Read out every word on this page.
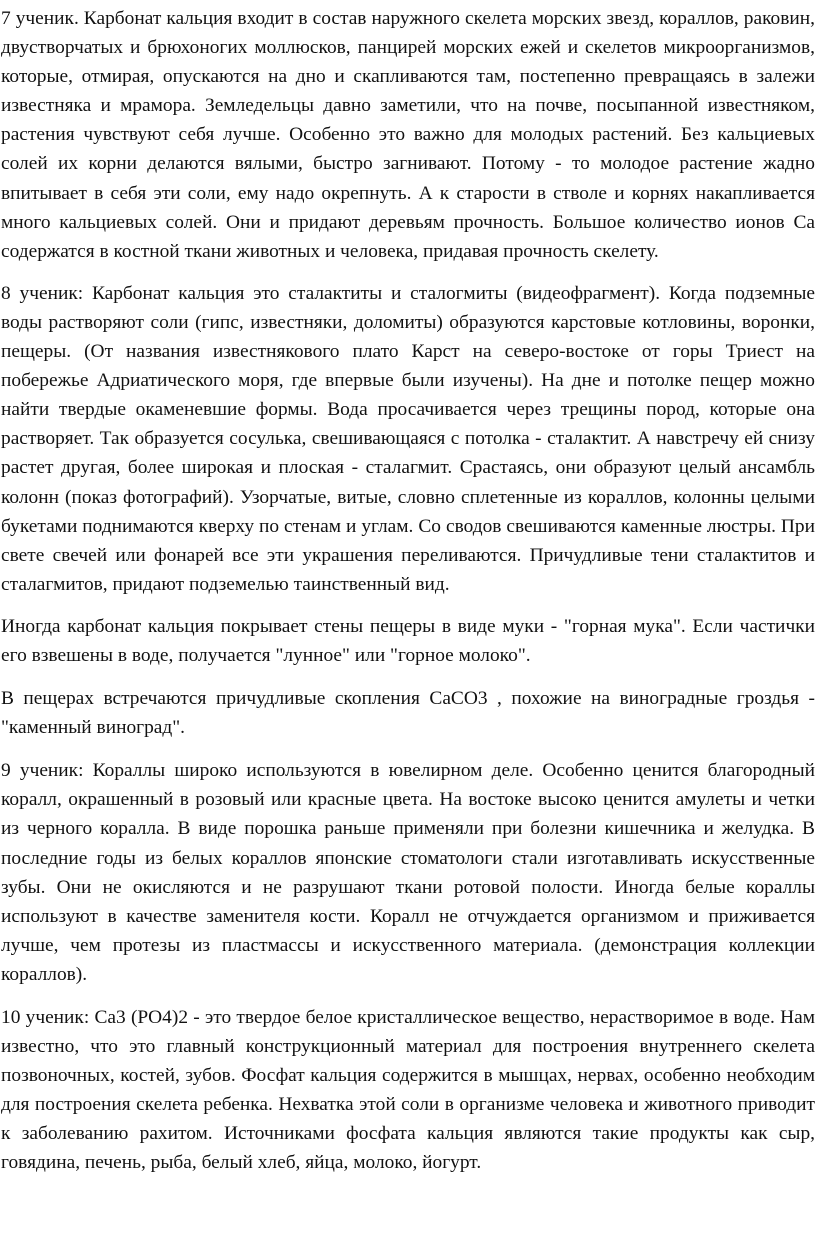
7 ученик. Карбонат кальция входит в состав наружного скелета морских звезд, кораллов, раковин, двустворчатых и брюхоногих моллюсков, панцирей морских ежей и скелетов микроорганизмов, которые, отмирая, опускаются на дно и скапливаются там, постепенно превращаясь в залежи известняка и мрамора. Земледельцы давно заметили, что на почве, посыпанной известняком, растения чувствуют себя лучше. Особенно это важно для молодых растений. Без кальциевых солей их корни делаются вялыми, быстро загнивают. Потому - то молодое растение жадно впитывает в себя эти соли, ему надо окрепнуть. А к старости в стволе и корнях накапливается много кальциевых солей. Они и придают деревьям прочность. Большое количество ионов Ca содержатся в костной ткани животных и человека, придавая прочность скелету.

8 ученик: Карбонат кальция это сталактиты и сталогмиты (видеофрагмент). Когда подземные воды растворяют соли (гипс, известняки, доломиты) образуются карстовые котловины, воронки, пещеры. (От названия известнякового плато Карст на северо-востоке от горы Триест на побережье Адриатического моря, где впервые были изучены). На дне и потолке пещер можно найти твердые окаменевшие формы. Вода просачивается через трещины пород, которые она растворяет. Так образуется сосулька, свешивающаяся с потолка - сталактит. А навстречу ей снизу растет другая, более широкая и плоская - сталагмит. Срастаясь, они образуют целый ансамбль колонн (показ фотографий). Узорчатые, витые, словно сплетенные из кораллов, колонны целыми букетами поднимаются кверху по стенам и углам. Со сводов свешиваются каменные люстры. При свете свечей или фонарей все эти украшения переливаются. Причудливые тени сталактитов и сталагмитов, придают подземелью таинственный вид.

Иногда карбонат кальция покрывает стены пещеры в виде муки - "горная мука". Если частички его взвешены в воде, получается "лунное" или "горное молоко".

В пещерах встречаются причудливые скопления CaCO3 , похожие на виноградные гроздья - "каменный виноград".

9 ученик: Кораллы широко используются в ювелирном деле. Особенно ценится благородный коралл, окрашенный в розовый или красные цвета. На востоке высоко ценится амулеты и четки из черного коралла. В виде порошка раньше применяли при болезни кишечника и желудка. В последние годы из белых кораллов японские стоматологи стали изготавливать искусственные зубы. Они не окисляются и не разрушают ткани ротовой полости. Иногда белые кораллы используют в качестве заменителя кости. Коралл не отчуждается организмом и приживается лучше, чем протезы из пластмассы и искусственного материала. (демонстрация коллекции кораллов).

10 ученик: Ca3 (PO4)2 - это твердое белое кристаллическое вещество, нерастворимое в воде. Нам известно, что это главный конструкционный материал для построения внутреннего скелета позвоночных, костей, зубов. Фосфат кальция содержится в мышцах, нервах, особенно необходим для построения скелета ребенка. Нехватка этой соли в организме человека и животного приводит к заболеванию рахитом. Источниками фосфата кальция являются такие продукты как сыр, говядина, печень, рыба, белый хлеб, яйца, молоко, йогурт.
